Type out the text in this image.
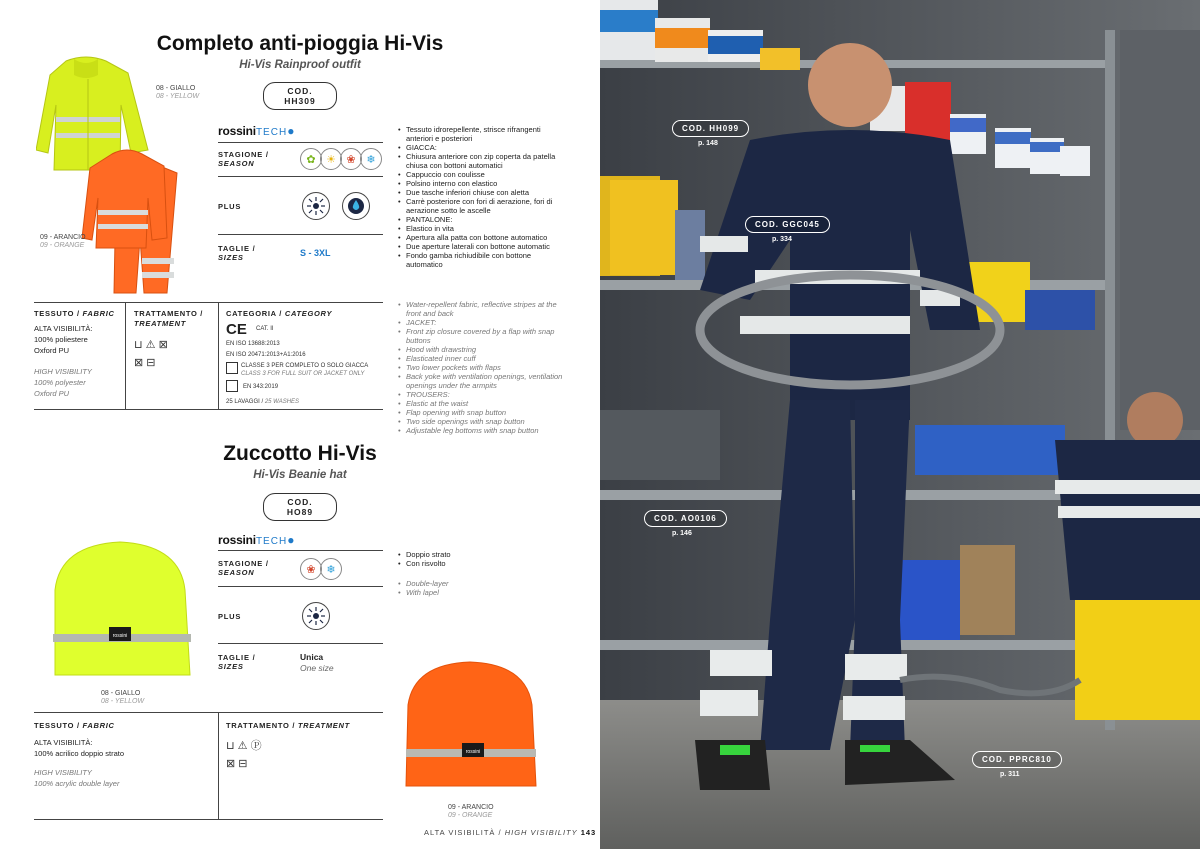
Completo anti-pioggia Hi-Vis
Hi-Vis Rainproof outfit
COD. HH309
08 - GIALLO
08 - YELLOW
09 - ARANCIO
09 - ORANGE
rossiniTECH●
STAGIONE /
SEASON	✿ ☀ ❀ ❄
PLUS
TAGLIE /
SIZES	S - 3XL
• Tessuto idrorepellente, strisce rifrangenti anteriori e posteriori
• GIACCA:
• Chiusura anteriore con zip coperta da patella chiusa con bottoni automatici
• Cappuccio con coulisse
• Polsino interno con elastico
• Due tasche inferiori chiuse con aletta
• Carrè posteriore con fori di aerazione, fori di aerazione sotto le ascelle
• PANTALONE:
• Elastico in vita
• Apertura alla patta con bottone automatico
• Due aperture laterali con bottone automatic
• Fondo gamba richiudibile con bottone automatico
• Water-repellent fabric, reflective stripes at the front and back
• JACKET:
• Front zip closure covered by a flap with snap buttons
• Hood with drawstring
• Elasticated inner cuff
• Two lower pockets with flaps
• Back yoke with ventilation openings, ventilation openings under the armpits
• TROUSERS:
• Elastic at the waist
• Flap opening with snap button
• Two side openings with snap button
• Adjustable leg bottoms with snap button
TESSUTO / FABRIC
ALTA VISIBILITÀ:
100% poliestere
Oxford PU
HIGH VISIBILITY
100% polyester
Oxford PU
TRATTAMENTO /
TREATMENT
⊔ ⚠ ⊠
⊠ ⊟
CATEGORIA / CATEGORY
CE CAT. II
EN ISO 13688:2013
EN ISO 20471:2013+A1:2016
CLASSE 3 PER COMPLETO O SOLO GIACCA
CLASS 3 FOR FULL SUIT OR JACKET ONLY
EN 343:2019
25 LAVAGGI / 25 WASHES
Zuccotto Hi-Vis
Hi-Vis Beanie hat
COD. HO89
rossini
08 - GIALLO
08 - YELLOW
rossini
09 - ARANCIO
09 - ORANGE
rossiniTECH●
STAGIONE /
SEASON	❀ ❄
PLUS
TAGLIE /
SIZES
Unica
One size
• Doppio strato
• Con risvolto
• Double-layer
• With lapel
TESSUTO / FABRIC
ALTA VISIBILITÀ:
100% acrilico doppio strato
HIGH VISIBILITY
100% acrylic double layer
TRATTAMENTO / TREATMENT
⊔ ⚠ Ⓟ
⊠ ⊟
ALTA VISIBILITÀ / HIGH VISIBILITY 143
COD. HH099
p. 148
COD. GGC045
p. 334
COD. AO0106
p. 146
COD. PPRC810
p. 311
